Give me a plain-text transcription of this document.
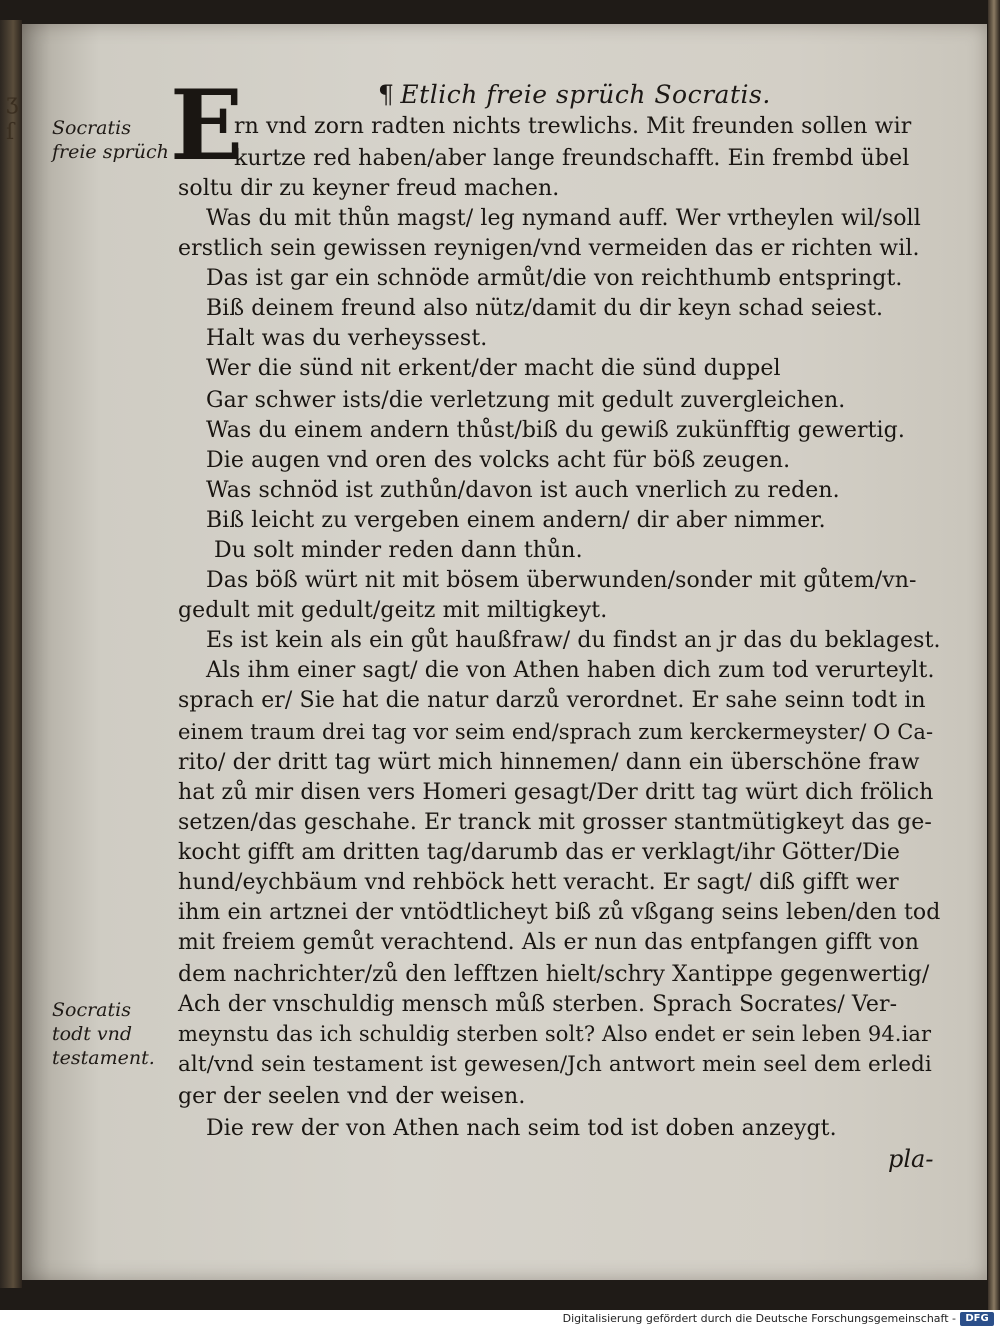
ʒ
ſ
¶ Etlich freie sprüch Socratis.
E
Socratis freie sprüch
Socratis todt vnd testament.
rn vnd zorn radten nichts trewlichs. Mit freunden sollen wir
kurtze red haben/aber lange freundschafft. Ein frembd übel
soltu dir zu keyner freud machen.
Was du mit thůn magst/ leg nymand auff. Wer vrtheylen wil/soll
erstlich sein gewissen reynigen/vnd vermeiden das er richten wil.
Das ist gar ein schnöde armůt/die von reichthumb entspringt.
Biß deinem freund also nütz/damit du dir keyn schad seiest.
Halt was du verheyssest.
Wer die sünd nit erkent/der macht die sünd duppel
Gar schwer ists/die verletzung mit gedult zuvergleichen.
Was du einem andern thůst/biß du gewiß zukünfftig gewertig.
Die augen vnd oren des volcks acht für böß zeugen.
Was schnöd ist zuthůn/davon ist auch vnerlich zu reden.
Biß leicht zu vergeben einem andern/ dir aber nimmer.
Du solt minder reden dann thůn.
Das böß würt nit mit bösem überwunden/sonder mit gůtem/vn-
gedult mit gedult/geitz mit miltigkeyt.
Es ist kein als ein gůt haußfraw/ du findst an jr das du beklagest.
Als ihm einer sagt/ die von Athen haben dich zum tod verurteylt.
sprach er/ Sie hat die natur darzů verordnet. Er sahe seinn todt in
einem traum drei tag vor seim end/sprach zum kerckermeyster/ O Ca-
rito/ der dritt tag würt mich hinnemen/ dann ein überschöne fraw
hat zů mir disen vers Homeri gesagt/Der dritt tag würt dich frölich
setzen/das geschahe. Er tranck mit grosser stantmütigkeyt das ge-
kocht gifft am dritten tag/darumb das er verklagt/ihr Götter/Die
hund/eychbäum vnd rehböck hett veracht. Er sagt/ diß gifft wer
ihm ein artznei der vntödtlicheyt biß zů vßgang seins leben/den tod
mit freiem gemůt verachtend. Als er nun das entpfangen gifft von
dem nachrichter/zů den lefftzen hielt/schry Xantippe gegenwertig/
Ach der vnschuldig mensch můß sterben. Sprach Socrates/ Ver-
meynstu das ich schuldig sterben solt? Also endet er sein leben 94.iar
alt/vnd sein testament ist gewesen/Jch antwort mein seel dem erledi
ger der seelen vnd der weisen.
Die rew der von Athen nach seim tod ist doben anzeygt.
pla-
Digitalisierung gefördert durch die Deutsche Forschungsgemeinschaft - DFG
